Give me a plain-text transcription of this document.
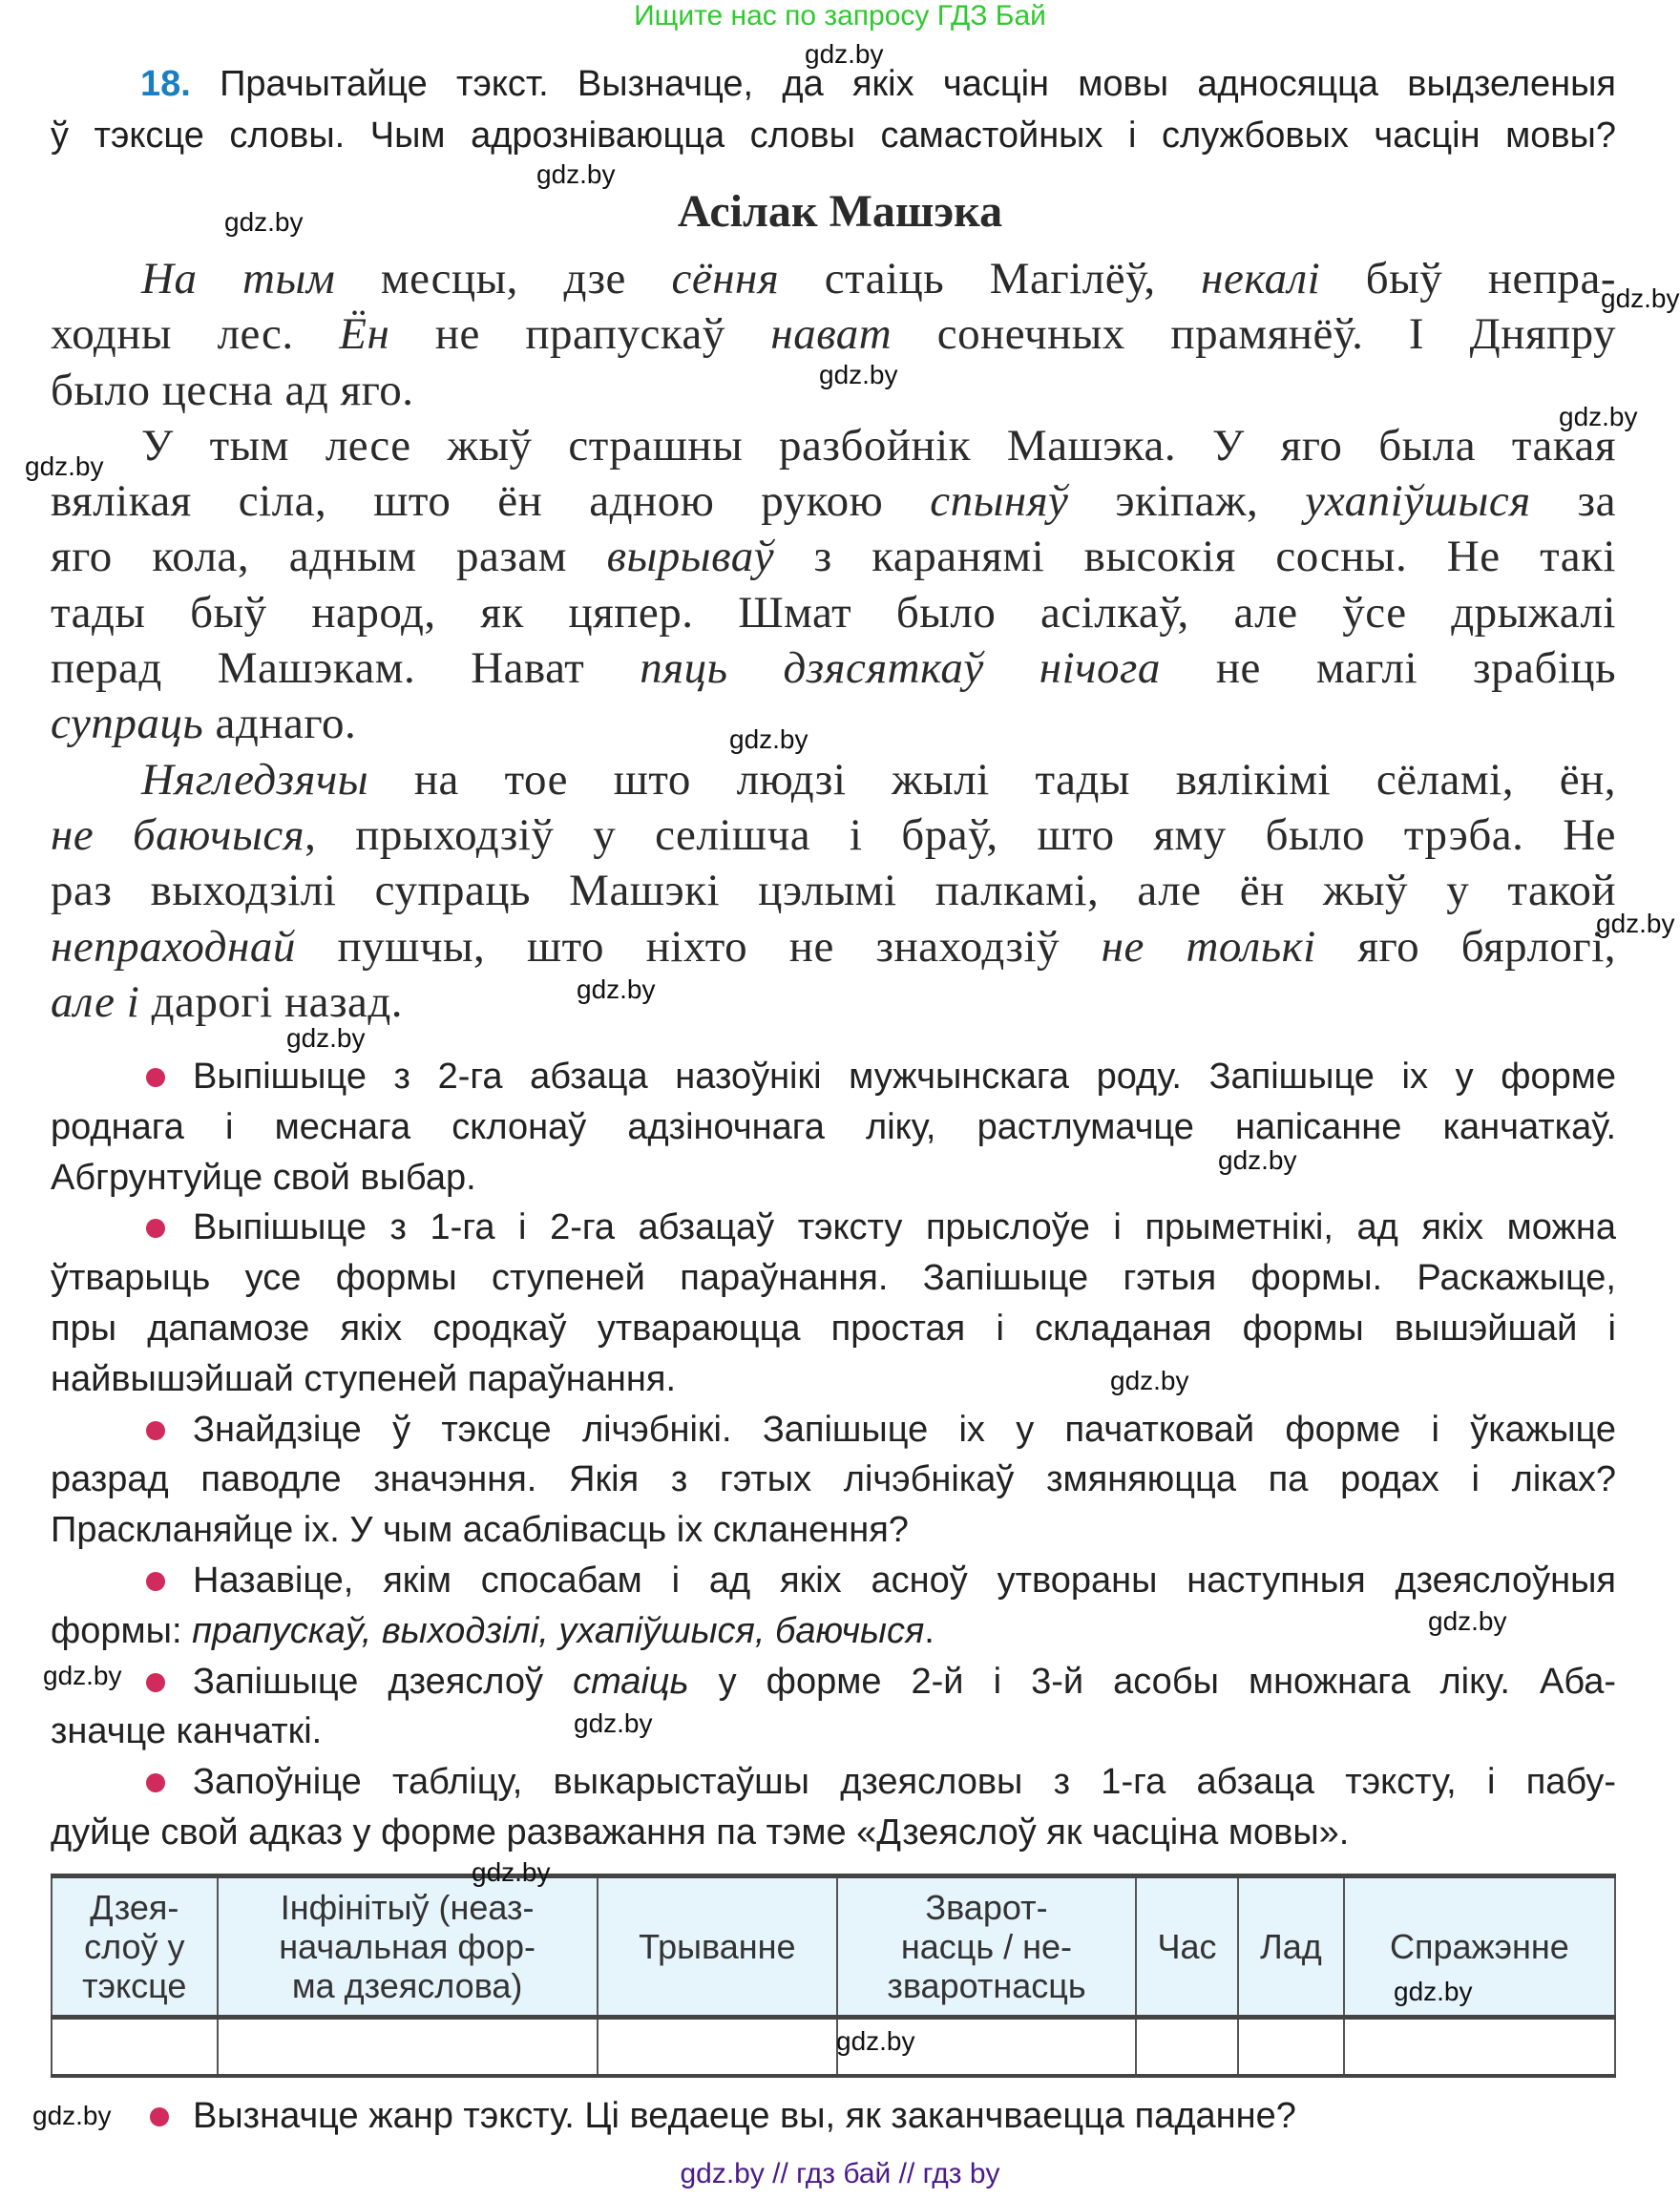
Ищите нас по запросу ГДЗ Бай
18. Прачытайце тэкст. Вызначце, да якіх часцін мовы адносяцца выдзеленыя
ў тэксце словы. Чым адрозніваюцца словы самастойных і службовых часцін мовы?
Асілак Машэка
На тым месцы, дзе сёння стаіць Магілёў, некалі быў непра-
ходны лес. Ён не прапускаў нават сонечных прамянёў. І Дняпру
было цесна ад яго.
У тым лесе жыў страшны разбойнік Машэка. У яго была такая
вялікая сіла, што ён адною рукою спыняў экіпаж, ухапіўшыся за
яго кола, адным разам вырываў з каранямі высокія сосны. Не такі
тады быў народ, як цяпер. Шмат было асілкаў, але ўсе дрыжалі
перад Машэкам. Нават пяць дзясяткаў нічога не маглі зрабіць
супраць аднаго.
Нягледзячы на тое што людзі жылі тады вялікімі сёламі, ён,
не баючыся, прыходзіў у селішча і браў, што яму было трэба. Не
раз выходзілі супраць Машэкі цэлымі палкамі, але ён жыў у такой
непраходнай пушчы, што ніхто не знаходзіў не толькі яго бярлогі,
але і дарогі назад.
Выпішыце з 2-га абзаца назоўнікі мужчынскага роду. Запішыце іх у форме
роднага і меснага склонаў адзіночнага ліку, растлумачце напісанне канчаткаў.
Абгрунтуйце свой выбар.
Выпішыце з 1-га і 2-га абзацаў тэксту прыслоўе і прыметнікі, ад якіх можна
ўтварыць усе формы ступеней параўнання. Запішыце гэтыя формы. Раскажыце,
пры дапамозе якіх сродкаў утвараюцца простая і складаная формы вышэйшай і
найвышэйшай ступеней параўнання.
Знайдзіце ў тэксце лічэбнікі. Запішыце іх у пачатковай форме і ўкажыце
разрад паводле значэння. Якія з гэтых лічэбнікаў змяняюцца па родах і ліках?
Праскланяйце іх. У чым асаблівасць іх скланення?
Назавіце, якім спосабам і ад якіх асноў утвораны наступныя дзеяслоўныя
формы: прапускаў, выходзілі, ухапіўшыся, баючыся.
Запішыце дзеяслоў стаіць у форме 2-й і 3-й асобы множнага ліку. Аба-
значце канчаткі.
Запоўніце табліцу, выкарыстаўшы дзеясловы з 1-га абзаца тэксту, і пабу-
дуйце свой адказ у форме разважання па тэме «Дзеяслоў як часціна мовы».
Дзея-
слоў у
тэксце	Інфінітыў (неаз-
начальная фор-
ма дзеяслова)	Трыванне	Зварот-
насць / не-
зваротнасць	Час	Лад	Спражэнне

Вызначце жанр тэксту. Ці ведаеце вы, як заканчваецца паданне?
gdz.by // гдз бай // гдз by
gdz.by
gdz.by
gdz.by
gdz.by
gdz.by
gdz.by
gdz.by
gdz.by
gdz.by
gdz.by
gdz.by
gdz.by
gdz.by
gdz.by
gdz.by
gdz.by
gdz.by
gdz.by
gdz.by
gdz.by
